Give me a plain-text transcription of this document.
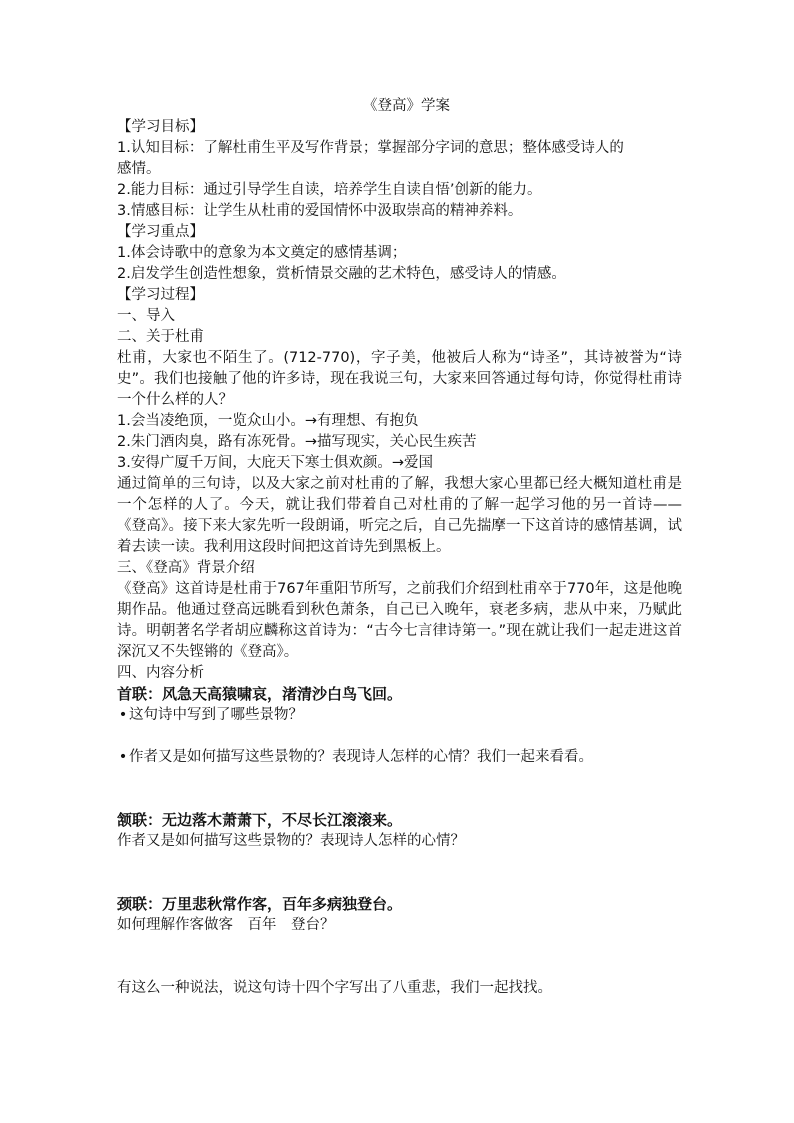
《登高》学案
【学习目标】
1.认知目标：了解杜甫生平及写作背景；掌握部分字词的意思；整体感受诗人的
感情。
2.能力目标：通过引导学生自读，培养学生自读自悟’创新的能力。
3.情感目标：让学生从杜甫的爱国情怀中汲取崇高的精神养料。
【学习重点】
1.体会诗歌中的意象为本文奠定的感情基调；
2.启发学生创造性想象，赏析情景交融的艺术特色，感受诗人的情感。
【学习过程】
一、导入
二、关于杜甫
杜甫，大家也不陌生了。(712-770)，字子美，他被后人称为“诗圣”，其诗被誉为“诗史”。我们也接触了他的许多诗，现在我说三句，大家来回答通过每句诗，你觉得杜甫诗一个什么样的人？
1.会当凌绝顶，一览众山小。→有理想、有抱负
2.朱门酒肉臭，路有冻死骨。→描写现实，关心民生疾苦
3.安得广厦千万间，大庇天下寒士俱欢颜。→爱国
通过简单的三句诗，以及大家之前对杜甫的了解，我想大家心里都已经大概知道杜甫是一个怎样的人了。今天，就让我们带着自己对杜甫的了解一起学习他的另一首诗——《登高》。接下来大家先听一段朗诵，听完之后，自己先揣摩一下这首诗的感情基调，试着去读一读。我利用这段时间把这首诗先到黑板上。
三、《登高》背景介绍
《登高》这首诗是杜甫于767年重阳节所写，之前我们介绍到杜甫卒于770年，这是他晚期作品。他通过登高远眺看到秋色萧条，自己已入晚年，衰老多病，悲从中来，乃赋此诗。明朝著名学者胡应麟称这首诗为：“古今七言律诗第一。”现在就让我们一起走进这首深沉又不失铿锵的《登高》。
四、内容分析
首联：风急天高猿啸哀，渚清沙白鸟飞回。
• 这句诗中写到了哪些景物？
• 作者又是如何描写这些景物的？表现诗人怎样的心情？我们一起来看看。
颔联：无边落木萧萧下，不尽长江滚滚来。
作者又是如何描写这些景物的？表现诗人怎样的心情？
颈联：万里悲秋常作客，百年多病独登台。
如何理解作客做客　百年　登台？
有这么一种说法，说这句诗十四个字写出了八重悲，我们一起找找。
